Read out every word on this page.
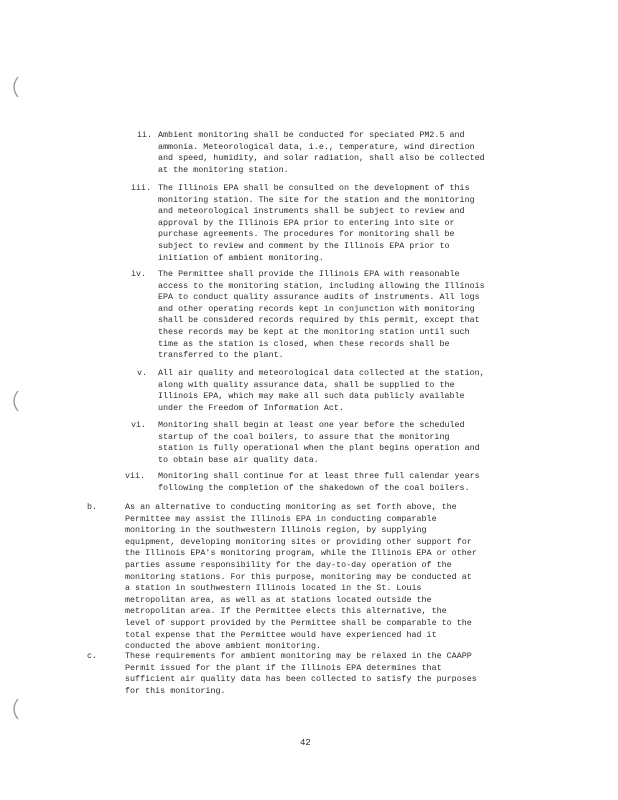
ii. Ambient monitoring shall be conducted for speciated PM2.5 and
ammonia. Meteorological data, i.e., temperature, wind direction
and speed, humidity, and solar radiation, shall also be collected
at the monitoring station.
iii. The Illinois EPA shall be consulted on the development of this
monitoring station. The site for the station and the monitoring
and meteorological instruments shall be subject to review and
approval by the Illinois EPA prior to entering into site or
purchase agreements. The procedures for monitoring shall be
subject to review and comment by the Illinois EPA prior to
initiation of ambient monitoring.
iv. The Permittee shall provide the Illinois EPA with reasonable
access to the monitoring station, including allowing the Illinois
EPA to conduct quality assurance audits of instruments. All logs
and other operating records kept in conjunction with monitoring
shall be considered records required by this permit, except that
these records may be kept at the monitoring station until such
time as the station is closed, when these records shall be
transferred to the plant.
v. All air quality and meteorological data collected at the station,
along with quality assurance data, shall be supplied to the
Illinois EPA, which may make all such data publicly available
under the Freedom of Information Act.
vi. Monitoring shall begin at least one year before the scheduled
startup of the coal boilers, to assure that the monitoring
station is fully operational when the plant begins operation and
to obtain base air quality data.
vii. Monitoring shall continue for at least three full calendar years
following the completion of the shakedown of the coal boilers.
b.	As an alternative to conducting monitoring as set forth above, the
Permittee may assist the Illinois EPA in conducting comparable
monitoring in the southwestern Illinois region, by supplying
equipment, developing monitoring sites or providing other support for
the Illinois EPA's monitoring program, while the Illinois EPA or other
parties assume responsibility for the day-to-day operation of the
monitoring stations. For this purpose, monitoring may be conducted at
a station in southwestern Illinois located in the St. Louis
metropolitan area, as well as at stations located outside the
metropolitan area. If the Permittee elects this alternative, the
level of support provided by the Permittee shall be comparable to the
total expense that the Permittee would have experienced had it
conducted the above ambient monitoring.
c.	These requirements for ambient monitoring may be relaxed in the CAAPP
Permit issued for the plant if the Illinois EPA determines that
sufficient air quality data has been collected to satisfy the purposes
for this monitoring.
42
